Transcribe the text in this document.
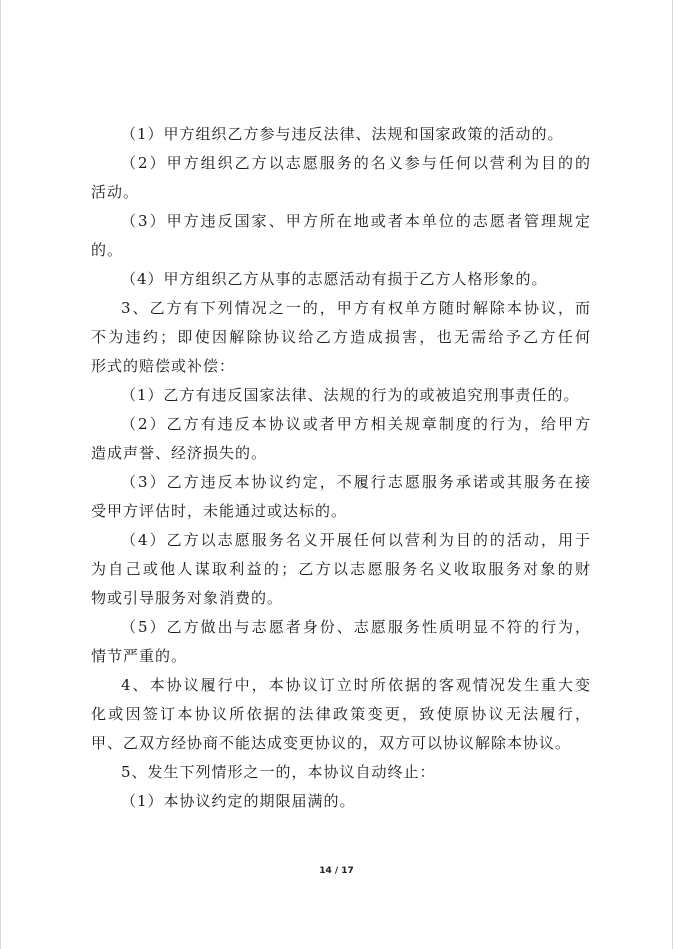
（1）甲方组织乙方参与违反法律、法规和国家政策的活动的。
（2）甲方组织乙方以志愿服务的名义参与任何以营利为目的的
活动。
（3）甲方违反国家、甲方所在地或者本单位的志愿者管理规定
的。
（4）甲方组织乙方从事的志愿活动有损于乙方人格形象的。
3、乙方有下列情况之一的，甲方有权单方随时解除本协议，而
不为违约；即使因解除协议给乙方造成损害，也无需给予乙方任何
形式的赔偿或补偿：
（1）乙方有违反国家法律、法规的行为的或被追究刑事责任的。
（2）乙方有违反本协议或者甲方相关规章制度的行为，给甲方
造成声誉、经济损失的。
（3）乙方违反本协议约定，不履行志愿服务承诺或其服务在接
受甲方评估时，未能通过或达标的。
（4）乙方以志愿服务名义开展任何以营利为目的的活动，用于
为自己或他人谋取利益的；乙方以志愿服务名义收取服务对象的财
物或引导服务对象消费的。
（5）乙方做出与志愿者身份、志愿服务性质明显不符的行为，
情节严重的。
4、本协议履行中，本协议订立时所依据的客观情况发生重大变
化或因签订本协议所依据的法律政策变更，致使原协议无法履行，
甲、乙双方经协商不能达成变更协议的，双方可以协议解除本协议。
5、发生下列情形之一的，本协议自动终止：
（1）本协议约定的期限届满的。
14 / 17
